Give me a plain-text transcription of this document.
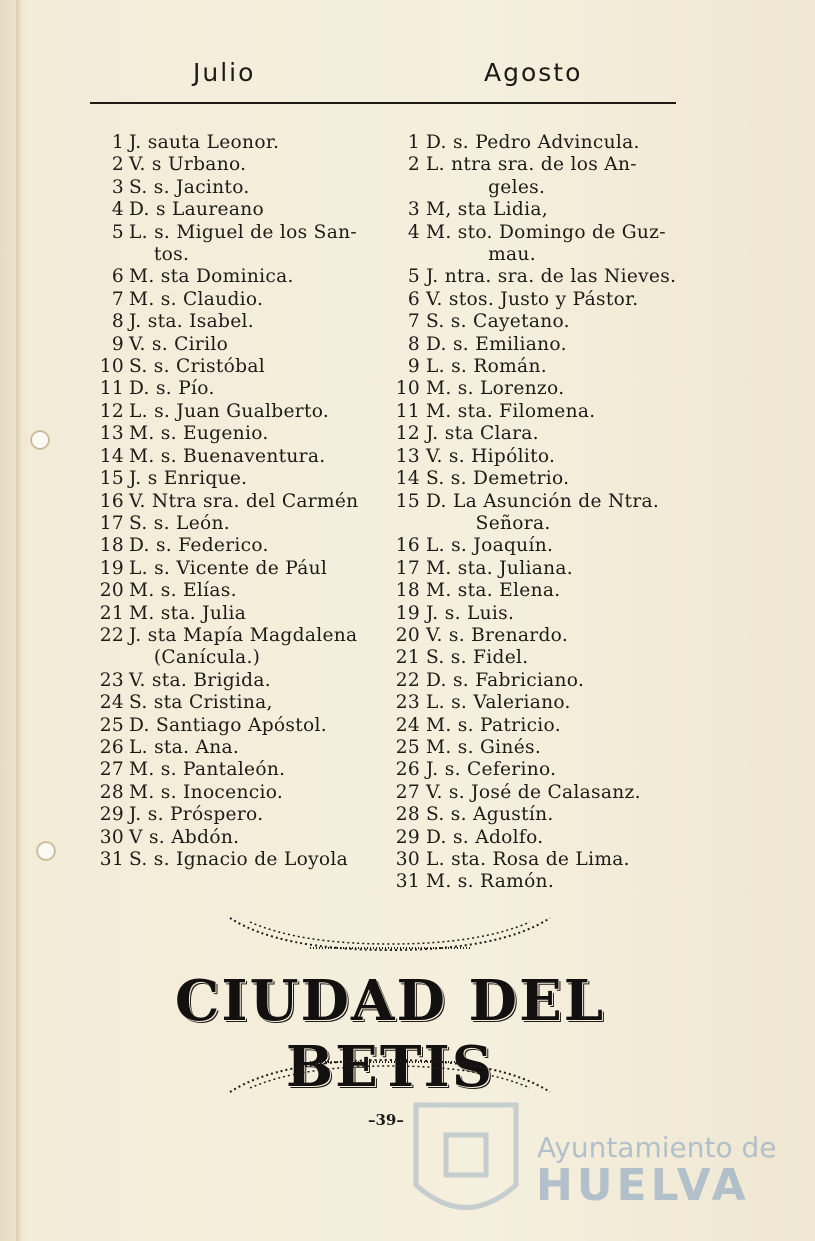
Julio	Agosto
1 J. sauta Leonor.
2 V. s Urbano.
3 S. s. Jacinto.
4 D. s Laureano
5 L. s. Miguel de los San-
tos.
6 M. sta Dominica.
7 M. s. Claudio.
8 J. sta. Isabel.
9 V. s. Cirilo
10 S. s. Cristóbal
11 D. s. Pío.
12 L. s. Juan Gualberto.
13 M. s. Eugenio.
14 M. s. Buenaventura.
15 J. s Enrique.
16 V. Ntra sra. del Carmén
17 S. s. León.
18 D. s. Federico.
19 L. s. Vicente de Pául
20 M. s. Elías.
21 M. sta. Julia
22 J. sta Mapía Magdalena
(Canícula.)
23 V. sta. Brigida.
24 S. sta Cristina,
25 D. Santiago Apóstol.
26 L. sta. Ana.
27 M. s. Pantaleón.
28 M. s. Inocencio.
29 J. s. Próspero.
30 V s. Abdón.
31 S. s. Ignacio de Loyola
1 D. s. Pedro Advincula.
2 L. ntra sra. de los An-
geles.
3 M, sta Lidia,
4 M. sto. Domingo de Guz-
mau.
5 J. ntra. sra. de las Nieves.
6 V. stos. Justo y Pástor.
7 S. s. Cayetano.
8 D. s. Emiliano.
9 L. s. Román.
10 M. s. Lorenzo.
11 M. sta. Filomena.
12 J. sta Clara.
13 V. s. Hipólito.
14 S. s. Demetrio.
15 D. La Asunción de Ntra.
Señora.
16 L. s. Joaquín.
17 M. sta. Juliana.
18 M. sta. Elena.
19 J. s. Luis.
20 V. s. Brenardo.
21 S. s. Fidel.
22 D. s. Fabriciano.
23 L. s. Valeriano.
24 M. s. Patricio.
25 M. s. Ginés.
26 J. s. Ceferino.
27 V. s. José de Calasanz.
28 S. s. Agustín.
29 D. s. Adolfo.
30 L. sta. Rosa de Lima.
31 M. s. Ramón.
CIUDAD DEL BETIS
–39–
Ayuntamiento de
HUELVA
